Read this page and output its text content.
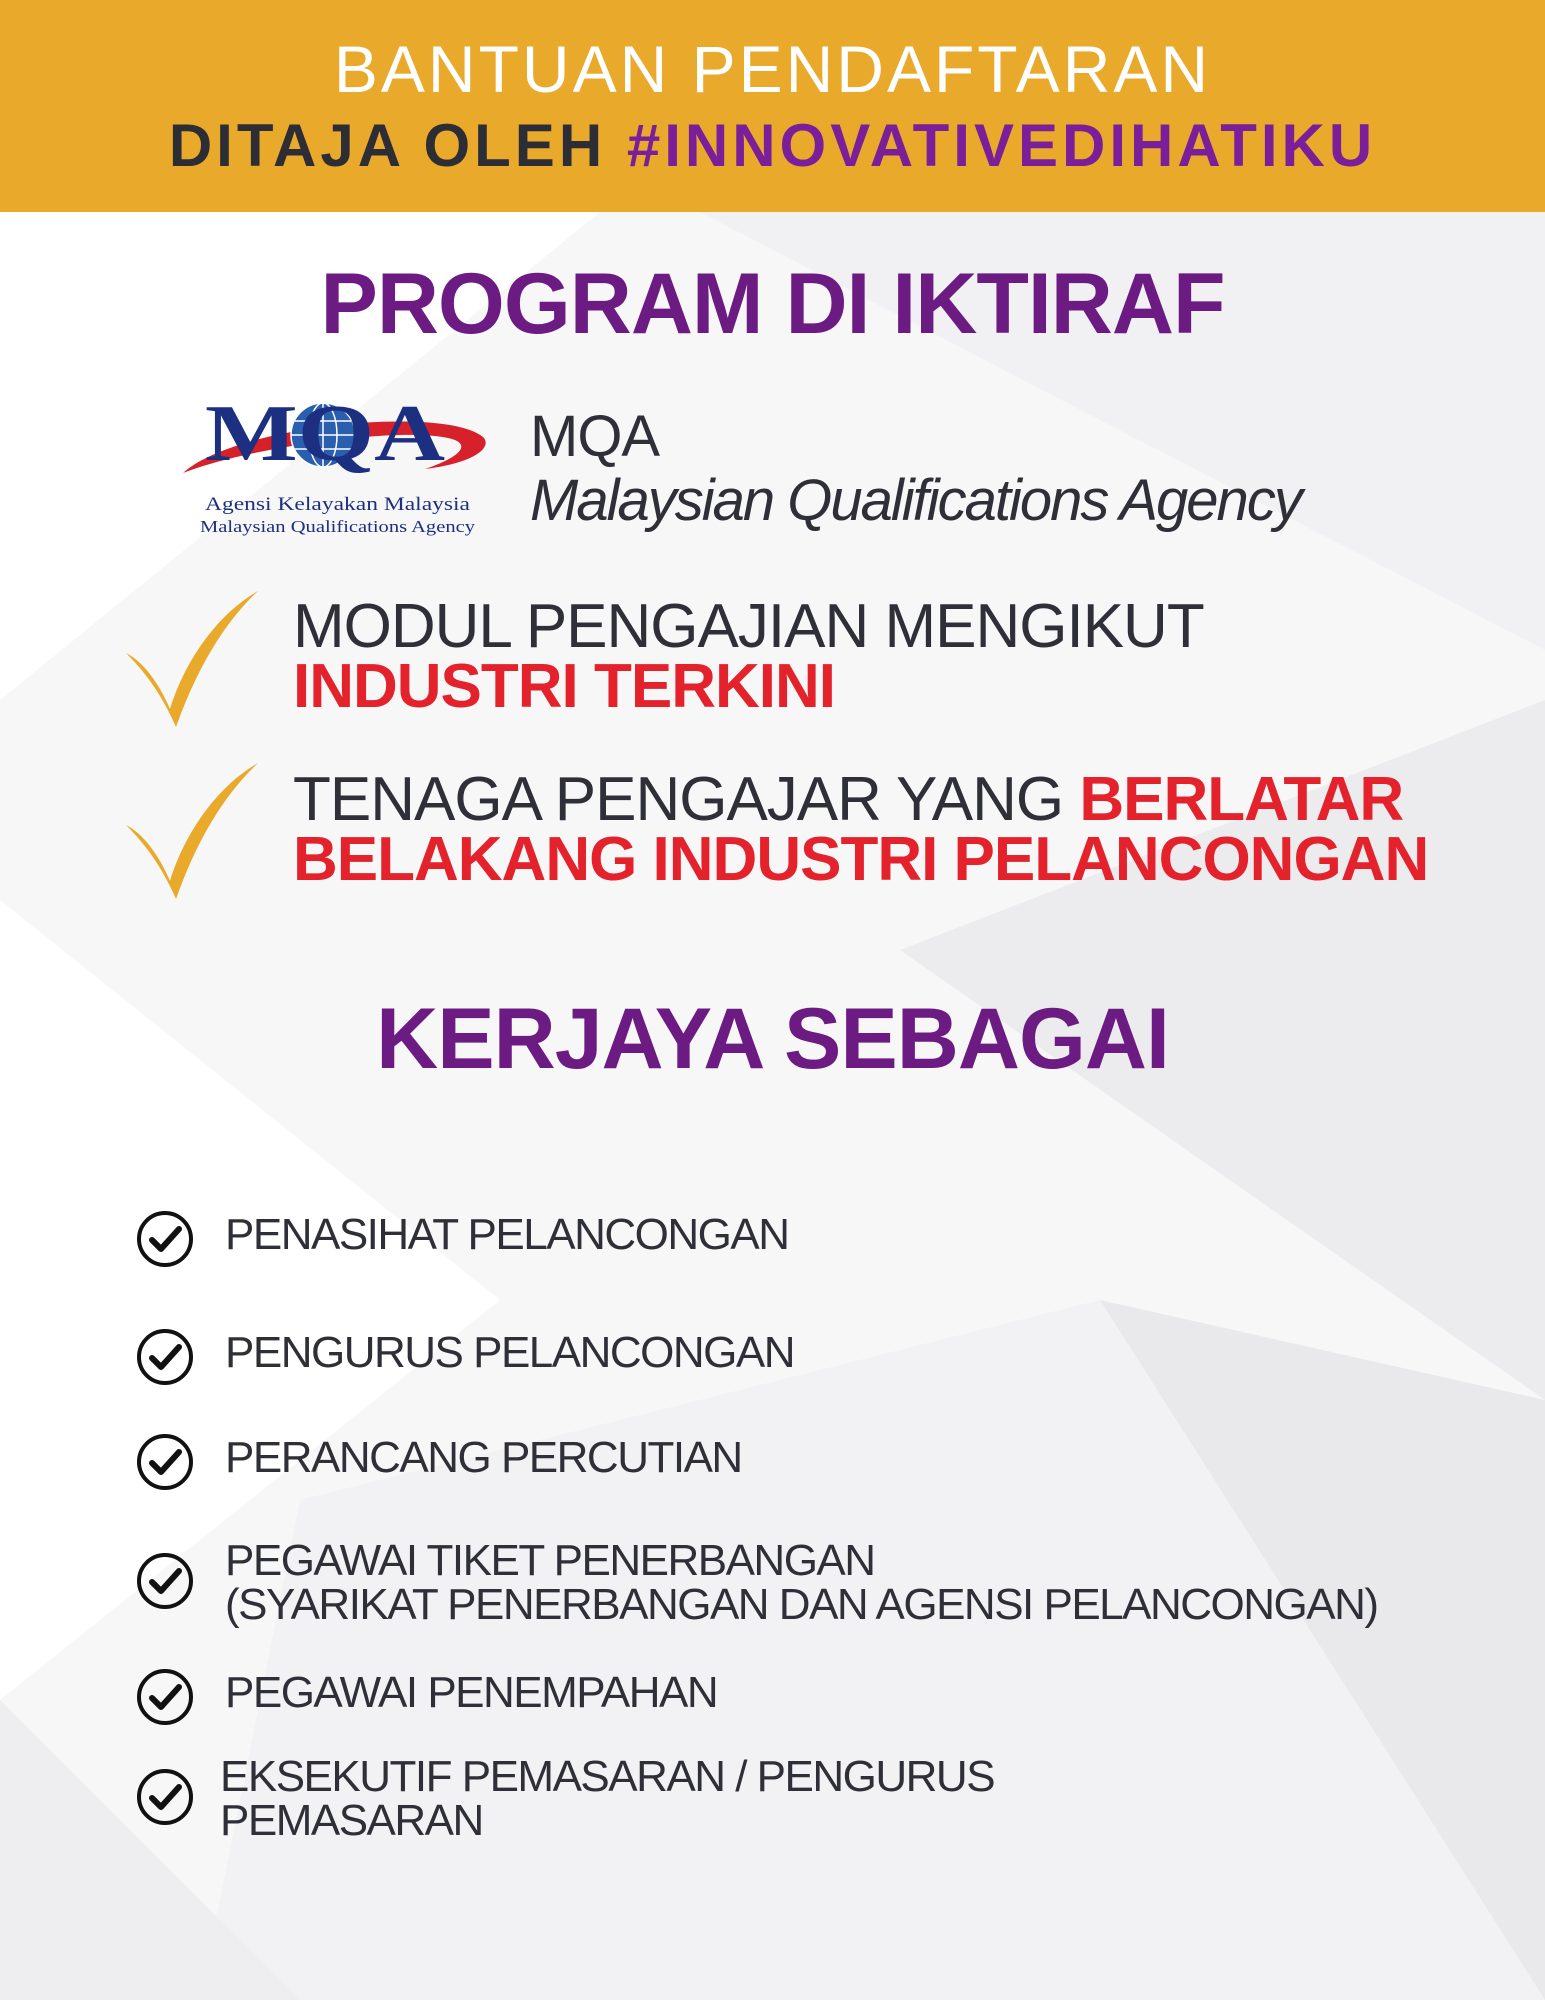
BANTUAN PENDAFTARAN
DITAJA OLEH #INNOVATIVEDIHATIKU
PROGRAM DI IKTIRAF
MQA
Agensi Kelayakan Malaysia
Malaysian Qualifications Agency
MQA
Malaysian Qualifications Agency
MODUL PENGAJIAN MENGIKUT
INDUSTRI TERKINI
TENAGA PENGAJAR YANG BERLATAR
BELAKANG INDUSTRI PELANCONGAN
KERJAYA SEBAGAI
PENASIHAT PELANCONGAN
PENGURUS PELANCONGAN
PERANCANG PERCUTIAN
PEGAWAI TIKET PENERBANGAN
(SYARIKAT PENERBANGAN DAN AGENSI PELANCONGAN)
PEGAWAI PENEMPAHAN
EKSEKUTIF PEMASARAN / PENGURUS
PEMASARAN
